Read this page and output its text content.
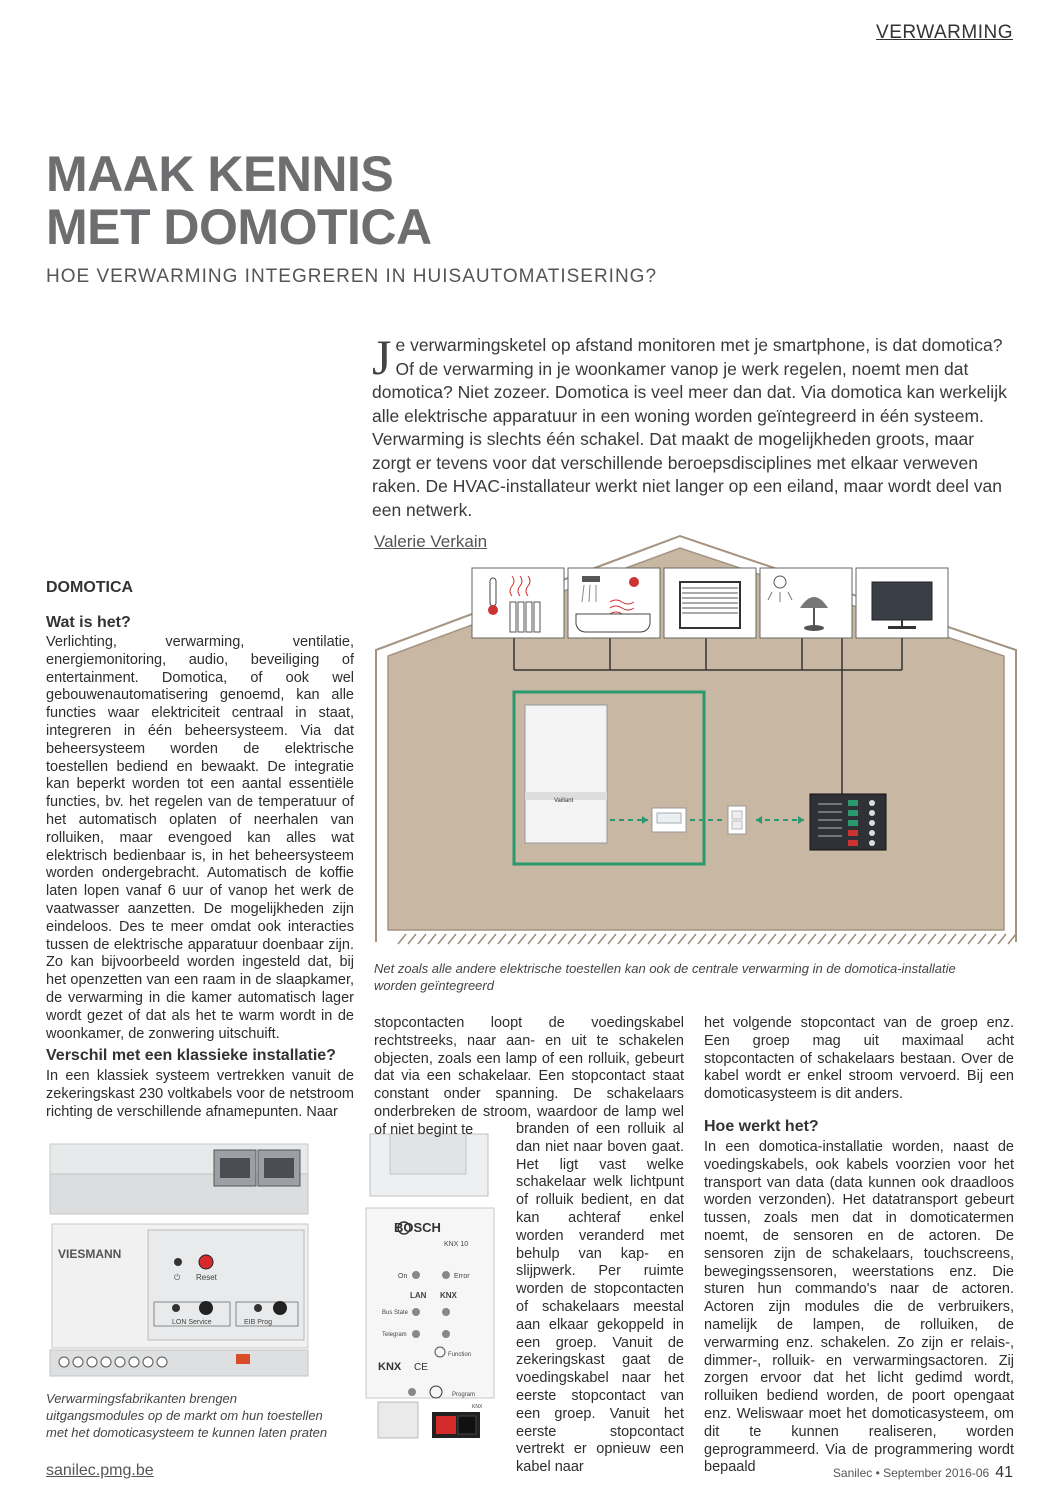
VERWARMING
MAAK KENNIS
MET DOMOTICA
HOE VERWARMING INTEGREREN IN HUISAUTOMATISERING?
Je verwarmingsketel op afstand monitoren met je smartphone, is dat domotica? Of de verwarming in je woonkamer vanop je werk regelen, noemt men dat domotica? Niet zozeer. Domotica is veel meer dan dat. Via domotica kan werkelijk alle elektrische apparatuur in een woning worden geïntegreerd in één systeem. Verwarming is slechts één schakel. Dat maakt de mogelijkheden groots, maar zorgt er tevens voor dat verschillende beroepsdisciplines met elkaar verweven raken. De HVAC-installateur werkt niet langer op een eiland, maar wordt deel van een netwerk.
Valerie Verkain
Vaillant
Net zoals alle andere elektrische toestellen kan ook de centrale verwarming in de domotica-installatie worden geïntegreerd
DOMOTICA
Wat is het?
Verlichting, verwarming, ventilatie, energiemonitoring, audio, beveiliging of entertainment. Domotica, of ook wel gebouwenautomatisering genoemd, kan alle functies waar elektriciteit centraal in staat, integreren in één beheersysteem. Via dat beheersysteem worden de elektrische toestellen bediend en bewaakt. De integratie kan beperkt worden tot een aantal essentiële functies, bv. het regelen van de temperatuur of het automatisch oplaten of neerhalen van rolluiken, maar evengoed kan alles wat elektrisch bedienbaar is, in het beheersysteem worden ondergebracht. Automatisch de koffie laten lopen vanaf 6 uur of vanop het werk de vaatwasser aanzetten. De mogelijkheden zijn eindeloos. Des te meer omdat ook interacties tussen de elektrische apparatuur doenbaar zijn. Zo kan bijvoorbeeld worden ingesteld dat, bij het openzetten van een raam in de slaapkamer, de verwarming in die kamer automatisch lager wordt gezet of dat als het te warm wordt in de woonkamer, de zonwering uitschuift.
Verschil met een klassieke installatie?
In een klassiek systeem vertrekken vanuit de zekeringskast 230 voltkabels voor de netstroom richting de verschillende afnamepunten. Naar
VIESMANN
Reset
⏻
LON Service	EIB Prog
Verwarmingsfabrikanten brengen uitgangsmodules op de markt om hun toestellen met het domoticasysteem te kunnen laten praten
BOSCH
KNX 10
On	Error
LAN KNX
Bus State
Telegram
Function
KNX CE
Program
KNX
stopcontacten loopt de voedingskabel rechtstreeks, naar aan- en uit te schakelen objecten, zoals een lamp of een rolluik, gebeurt dat via een schakelaar. Een stopcontact staat constant onder spanning. De schakelaars onderbreken de stroom, waardoor de lamp wel of niet begint te	branden of een rolluik al dan niet naar boven gaat. Het ligt vast welke schakelaar welk lichtpunt of rolluik bedient, en dat kan achteraf enkel worden veranderd met behulp van kap- en slijpwerk. Per ruimte worden de stopcontacten of schakelaars meestal aan elkaar gekoppeld in een groep. Vanuit de zekeringskast gaat de voedingskabel naar het eerste stopcontact van een groep. Vanuit het eerste stopcontact vertrekt er opnieuw een kabel naar
het volgende stopcontact van de groep enz. Een groep mag uit maximaal acht stopcontacten of schakelaars bestaan. Over de kabel wordt er enkel stroom vervoerd. Bij een domoticasysteem is dit anders.
Hoe werkt het?
In een domotica-installatie worden, naast de voedingskabels, ook kabels voorzien voor het transport van data (data kunnen ook draadloos worden verzonden). Het datatransport gebeurt tussen, zoals men dat in domoticatermen noemt, de sensoren en de actoren. De sensoren zijn de schakelaars, touchscreens, bewegingssensoren, weerstations enz. Die sturen hun commando's naar de actoren. Actoren zijn modules die de verbruikers, namelijk de lampen, de rolluiken, de verwarming enz. schakelen. Zo zijn er relais-, dimmer-, rolluik- en verwarmingsactoren. Zij zorgen ervoor dat het licht gedimd wordt, rolluiken bediend worden, de poort opengaat enz. Weliswaar moet het domoticasysteem, om dit te kunnen realiseren, worden geprogrammeerd. Via de programmering wordt bepaald
sanilec.pmg.be	Sanilec • September 2016-06 41
